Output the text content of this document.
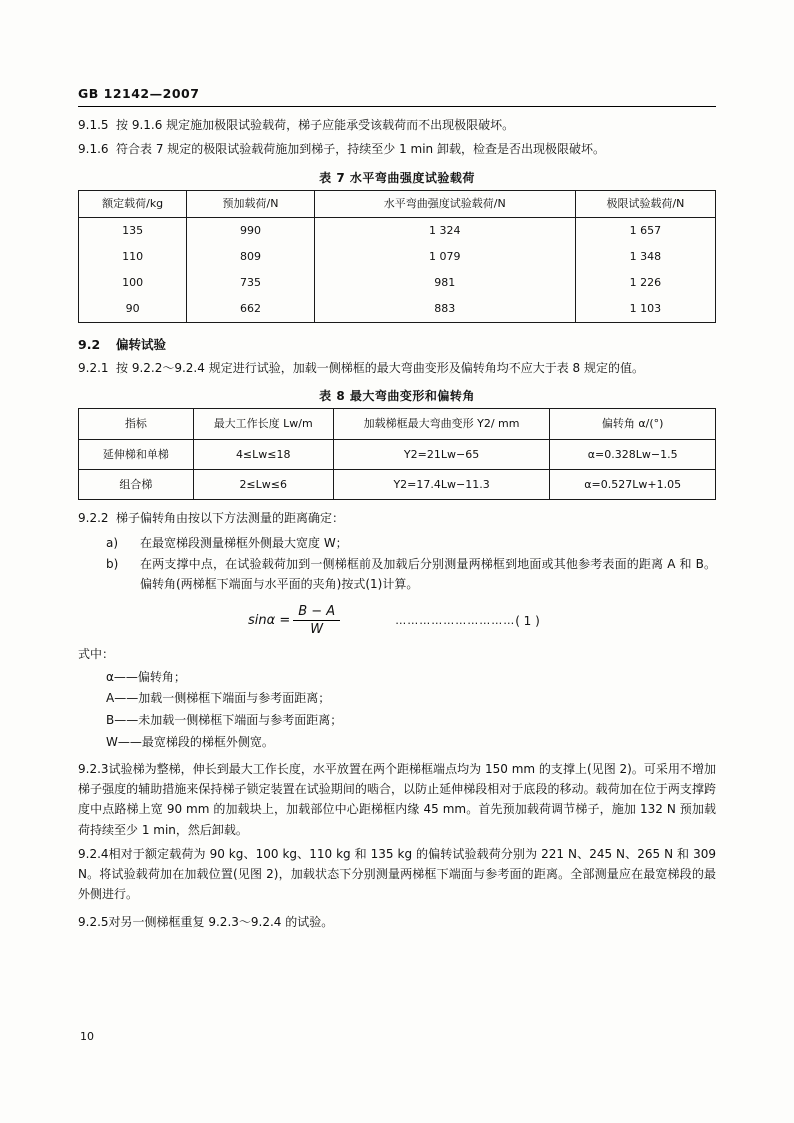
GB 12142—2007

9.1.5 按 9.1.6 规定施加极限试验载荷，梯子应能承受该载荷而不出现极限破坏。

9.1.6 符合表 7 规定的极限试验载荷施加到梯子，持续至少 1 min 卸载，检查是否出现极限破坏。

表 7 水平弯曲强度试验载荷
额定载荷/kg	预加载荷/N	水平弯曲强度试验载荷/N	极限试验载荷/N
135	990	1 324	1 657
110	809	1 079	1 348
100	735	981	1 226
90	662	883	1 103
9.2 偏转试验

9.2.1 按 9.2.2～9.2.4 规定进行试验，加载一侧梯框的最大弯曲变形及偏转角均不应大于表 8 规定的值。

表 8 最大弯曲变形和偏转角
指标	最大工作长度 Lw/m	加载梯框最大弯曲变形 Y2/ mm	偏转角 α/(°)
延伸梯和单梯	4≤Lw≤18	Y2=21Lw−65	α=0.328Lw−1.5
组合梯	2≤Lw≤6	Y2=17.4Lw−11.3	α=0.527Lw+1.05

9.2.2 梯子偏转角由按以下方法测量的距离确定：

a) 在最宽梯段测量梯框外侧最大宽度 W；
b) 在两支撑中点，在试验载荷加到一侧梯框前及加载后分别测量两梯框到地面或其他参考表面的距离 A 和 B。偏转角(两梯框下端面与水平面的夹角)按式(1)计算。
$\sin\alpha = \frac{B - A}{W}$	………………………… ( 1 )
式中：

α——偏转角；

A——加载一侧梯框下端面与参考面距离；

B——未加载一侧梯框下端面与参考面距离；

W——最宽梯段的梯框外侧宽。

9.2.3试验梯为整梯，伸长到最大工作长度，水平放置在两个距梯框端点均为 150 mm 的支撑上(见图 2)。可采用不增加梯子强度的辅助措施来保持梯子锁定装置在试验期间的啮合，以防止延伸梯段相对于底段的移动。载荷加在位于两支撑跨度中点路梯上宽 90 mm 的加载块上，加载部位中心距梯框内缘 45 mm。首先预加载荷调节梯子，施加 132 N 预加载荷持续至少 1 min，然后卸载。

9.2.4相对于额定载荷为 90 kg、100 kg、110 kg 和 135 kg 的偏转试验载荷分别为 221 N、245 N、265 N 和 309 N。将试验载荷加在加载位置(见图 2)，加载状态下分别测量两梯框下端面与参考面的距离。全部测量应在最宽梯段的最外侧进行。

9.2.5对另一侧梯框重复 9.2.3～9.2.4 的试验。

10
